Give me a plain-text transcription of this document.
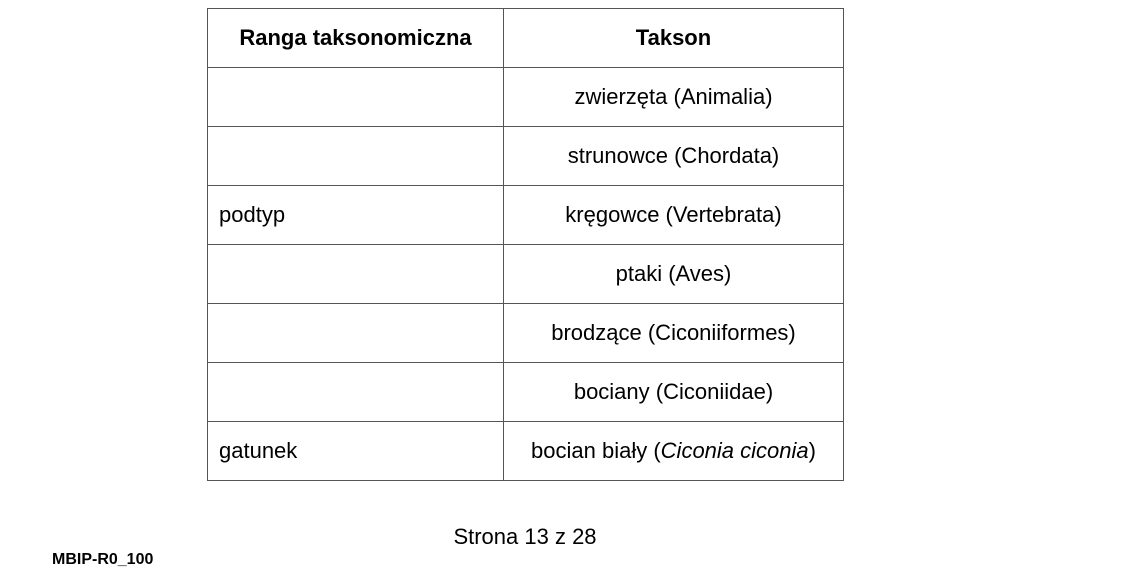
Ranga taksonomiczna	Takson
	zwierzęta (Animalia)
	strunowce (Chordata)
podtyp	kręgowce (Vertebrata)
	ptaki (Aves)
	brodzące (Ciconiiformes)
	bociany (Ciconiidae)
gatunek	bocian biały (Ciconia ciconia)
Strona 13 z 28
MBIP-R0_100
